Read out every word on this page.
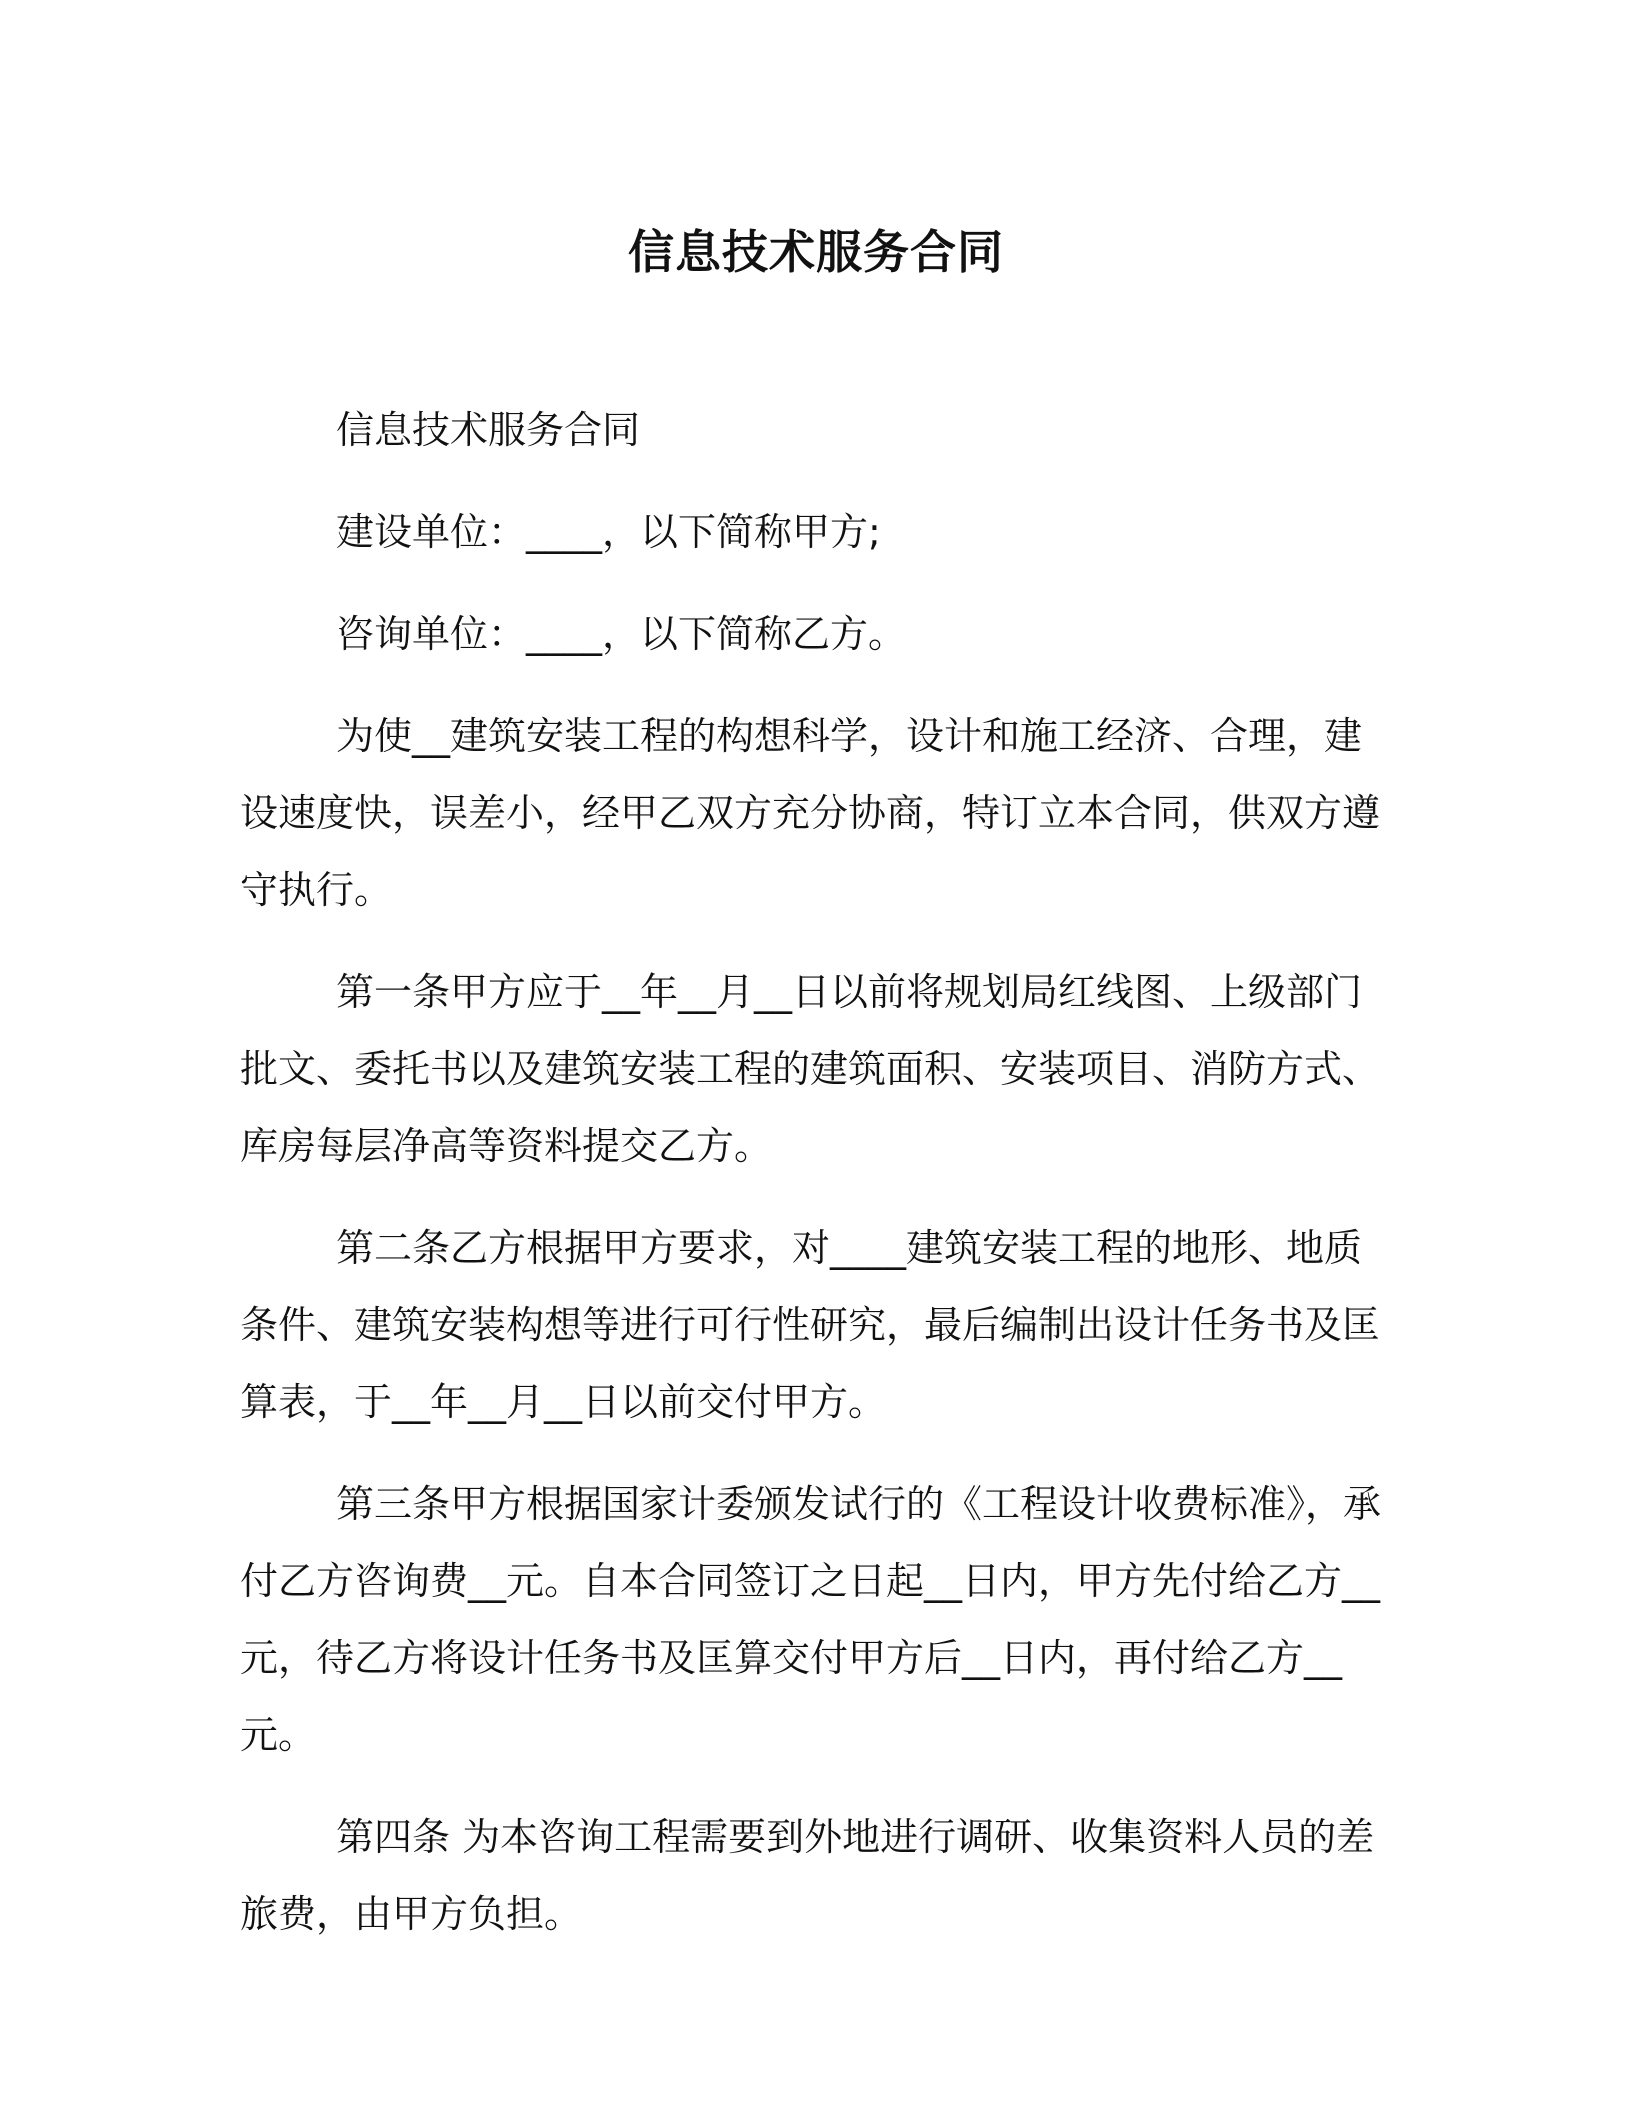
信息技术服务合同

信息技术服务合同

建设单位：____，以下简称甲方;

咨询单位：____，以下简称乙方。

为使__建筑安装工程的构想科学，设计和施工经济、合理，建设速度快，误差小，经甲乙双方充分协商，特订立本合同，供双方遵守执行。

第一条甲方应于__年__月__日以前将规划局红线图、上级部门批文、委托书以及建筑安装工程的建筑面积、安装项目、消防方式、库房每层净高等资料提交乙方。

第二条乙方根据甲方要求，对____建筑安装工程的地形、地质条件、建筑安装构想等进行可行性研究，最后编制出设计任务书及匡算表，于__年__月__日以前交付甲方。

第三条甲方根据国家计委颁发试行的《工程设计收费标准》，承付乙方咨询费__元。自本合同签订之日起__日内，甲方先付给乙方__元，待乙方将设计任务书及匡算交付甲方后__日内，再付给乙方__元。

第四条 为本咨询工程需要到外地进行调研、收集资料人员的差旅费，由甲方负担。
